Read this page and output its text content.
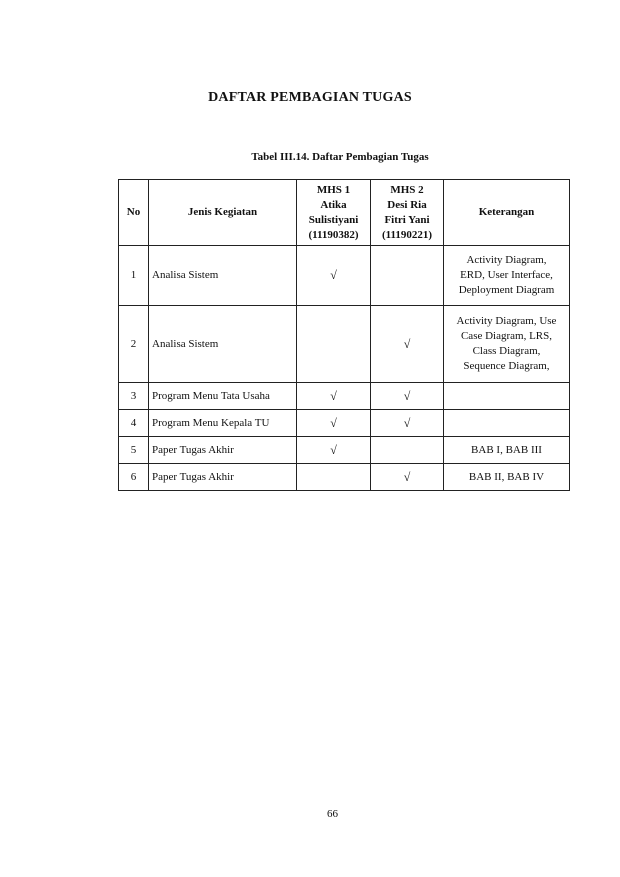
DAFTAR PEMBAGIAN TUGAS
Tabel III.14. Daftar Pembagian Tugas
No	Jenis Kegiatan	MHS 1
Atika
Sulistiyani
(11190382)	MHS 2
Desi Ria
Fitri Yani
(11190221)	Keterangan
1	Analisa Sistem	√		Activity Diagram,
ERD, User Interface,
Deployment Diagram

2	Analisa Sistem		√	Activity Diagram, Use
Case Diagram, LRS,
Class Diagram,
Sequence Diagram,

3	Program Menu Tata Usaha	√	√	
4	Program Menu Kepala TU	√	√	
5	Paper Tugas Akhir	√		BAB I, BAB III

6	Paper Tugas Akhir		√	BAB II, BAB IV
66
